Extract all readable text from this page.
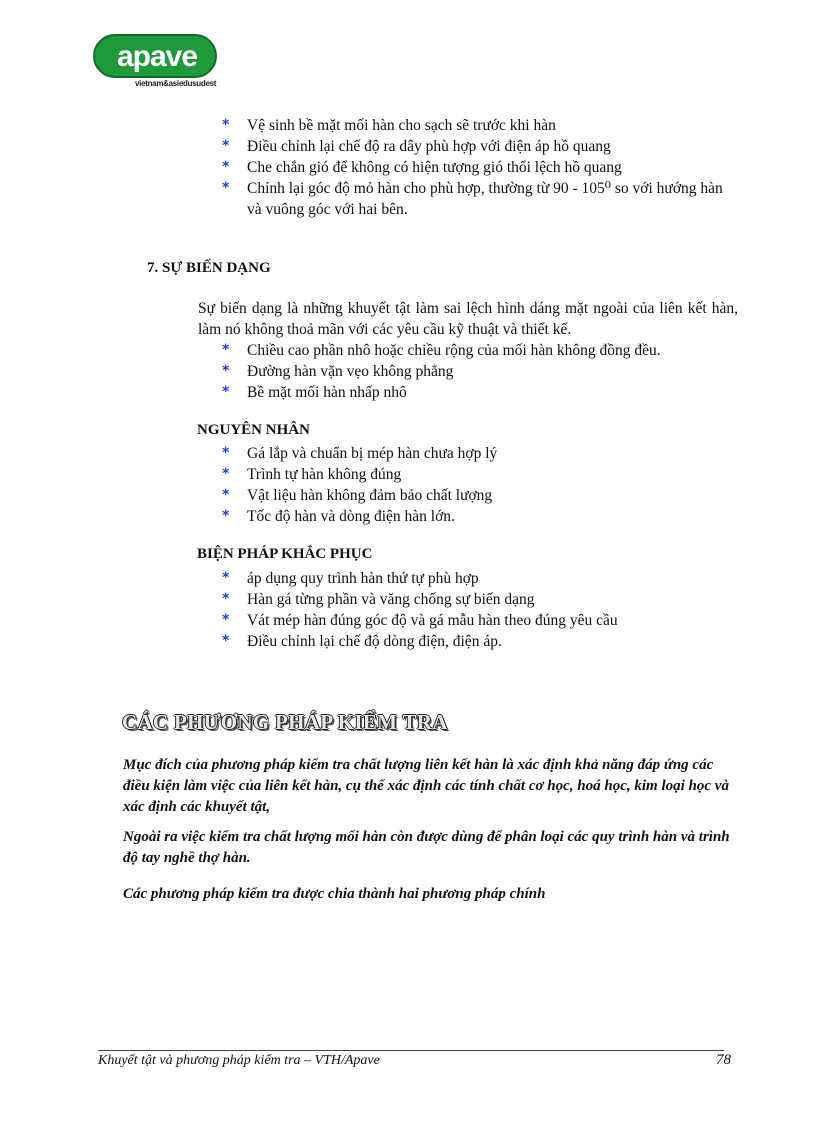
apave
vietnam&asiedusudest
* Vệ sinh bề mặt mối hàn cho sạch sẽ trước khi hàn
* Điều chỉnh lại chế độ ra dây phù hợp với điện áp hồ quang
* Che chắn gió để không có hiện tượng gió thổi lệch hồ quang
* Chỉnh lại góc độ mỏ hàn cho phù hợp, thường từ 90 - 105⁰ so với hướng hàn và vuông góc với hai bên.
7. SỰ BIẾN DẠNG
Sự biến dạng là những khuyết tật làm sai lệch hình dáng mặt ngoài của liên kết hàn, làm nó không thoả mãn với các yêu cầu kỹ thuật và thiết kế.
* Chiều cao phần nhô hoặc chiều rộng của mối hàn không đồng đều.
* Đường hàn vặn vẹo không phẳng
* Bề mặt mối hàn nhấp nhô
NGUYÊN NHÂN
* Gá lắp và chuẩn bị mép hàn chưa hợp lý
* Trình tự hàn không đúng
* Vật liệu hàn không đảm bảo chất lượng
* Tốc độ hàn và dòng điện hàn lớn.
BIỆN PHÁP KHẮC PHỤC
* áp dụng quy trình hàn thứ tự phù hợp
* Hàn gá từng phần và văng chống sự biến dạng
* Vát mép hàn đúng góc độ và gá mẫu hàn theo đúng yêu cầu
* Điều chỉnh lại chế độ dòng điện, điện áp.
CÁC PHƯƠNG PHÁP KIỂM TRA
Mục đích của phương pháp kiểm tra chất lượng liên kết hàn là xác định khả năng đáp ứng các điều kiện làm việc của liên kết hàn, cụ thể xác định các tính chất cơ học, hoá học, kim loại học và xác định các khuyết tật,
Ngoài ra việc kiểm tra chất lượng mối hàn còn được dùng để phân loại các quy trình hàn và trình độ tay nghề thợ hàn.
Các phương pháp kiểm tra được chia thành hai phương pháp chính
Khuyết tật và phương pháp kiểm tra – VTH/Apave	78
